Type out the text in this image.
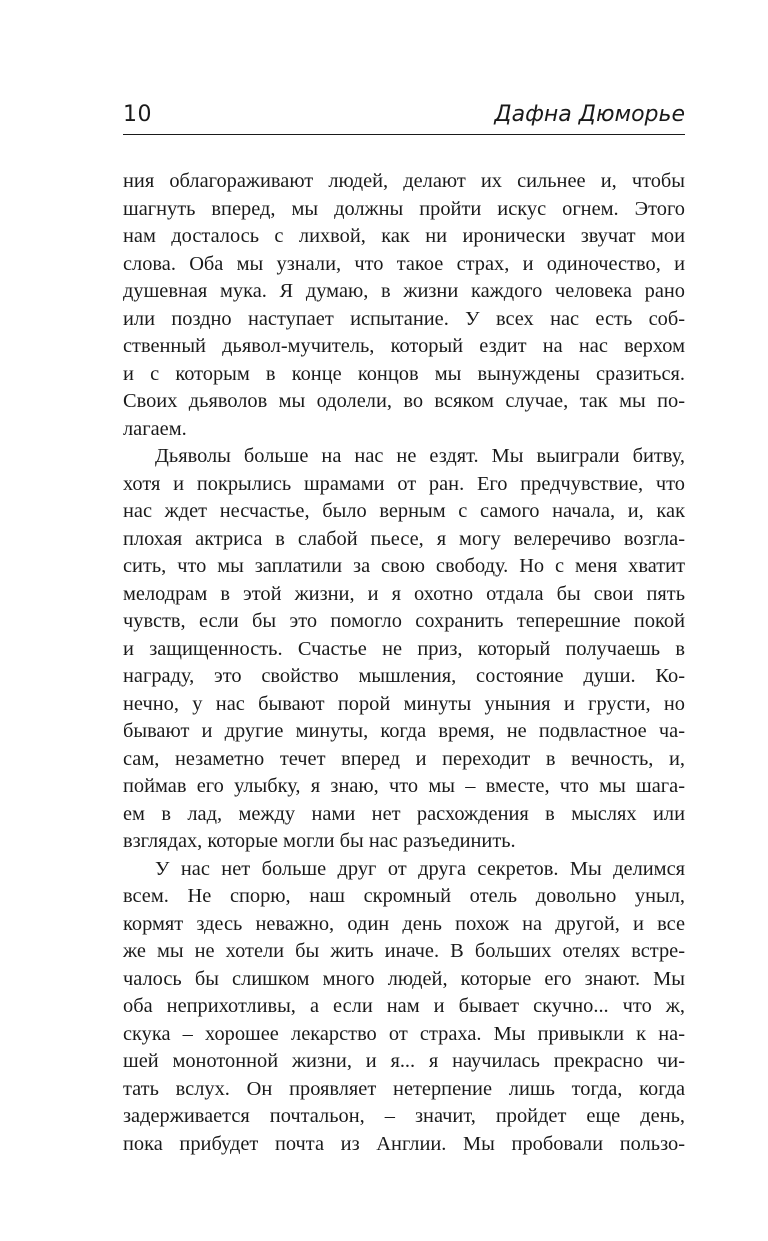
10	Дафна Дюморье
ния облагораживают людей, делают их сильнее и, чтобы
шагнуть вперед, мы должны пройти искус огнем. Этого
нам досталось с лихвой, как ни иронически звучат мои
слова. Оба мы узнали, что такое страх, и одиночество, и
душевная мука. Я думаю, в жизни каждого человека рано
или поздно наступает испытание. У всех нас есть соб-
ственный дьявол-мучитель, который ездит на нас верхом
и с которым в конце концов мы вынуждены сразиться.
Своих дьяволов мы одолели, во всяком случае, так мы по-
лагаем.
Дьяволы больше на нас не ездят. Мы выиграли битву,
хотя и покрылись шрамами от ран. Его предчувствие, что
нас ждет несчастье, было верным с самого начала, и, как
плохая актриса в слабой пьесе, я могу велеречиво возгла-
сить, что мы заплатили за свою свободу. Но с меня хватит
мелодрам в этой жизни, и я охотно отдала бы свои пять
чувств, если бы это помогло сохранить теперешние покой
и защищенность. Счастье не приз, который получаешь в
награду, это свойство мышления, состояние души. Ко-
нечно, у нас бывают порой минуты уныния и грусти, но
бывают и другие минуты, когда время, не подвластное ча-
сам, незаметно течет вперед и переходит в вечность, и,
поймав его улыбку, я знаю, что мы – вместе, что мы шага-
ем в лад, между нами нет расхождения в мыслях или
взглядах, которые могли бы нас разъединить.
У нас нет больше друг от друга секретов. Мы делимся
всем. Не спорю, наш скромный отель довольно уныл,
кормят здесь неважно, один день похож на другой, и все
же мы не хотели бы жить иначе. В больших отелях встре-
чалось бы слишком много людей, которые его знают. Мы
оба неприхотливы, а если нам и бывает скучно... что ж,
скука – хорошее лекарство от страха. Мы привыкли к на-
шей монотонной жизни, и я... я научилась прекрасно чи-
тать вслух. Он проявляет нетерпение лишь тогда, когда
задерживается почтальон, – значит, пройдет еще день,
пока прибудет почта из Англии. Мы пробовали пользо-
